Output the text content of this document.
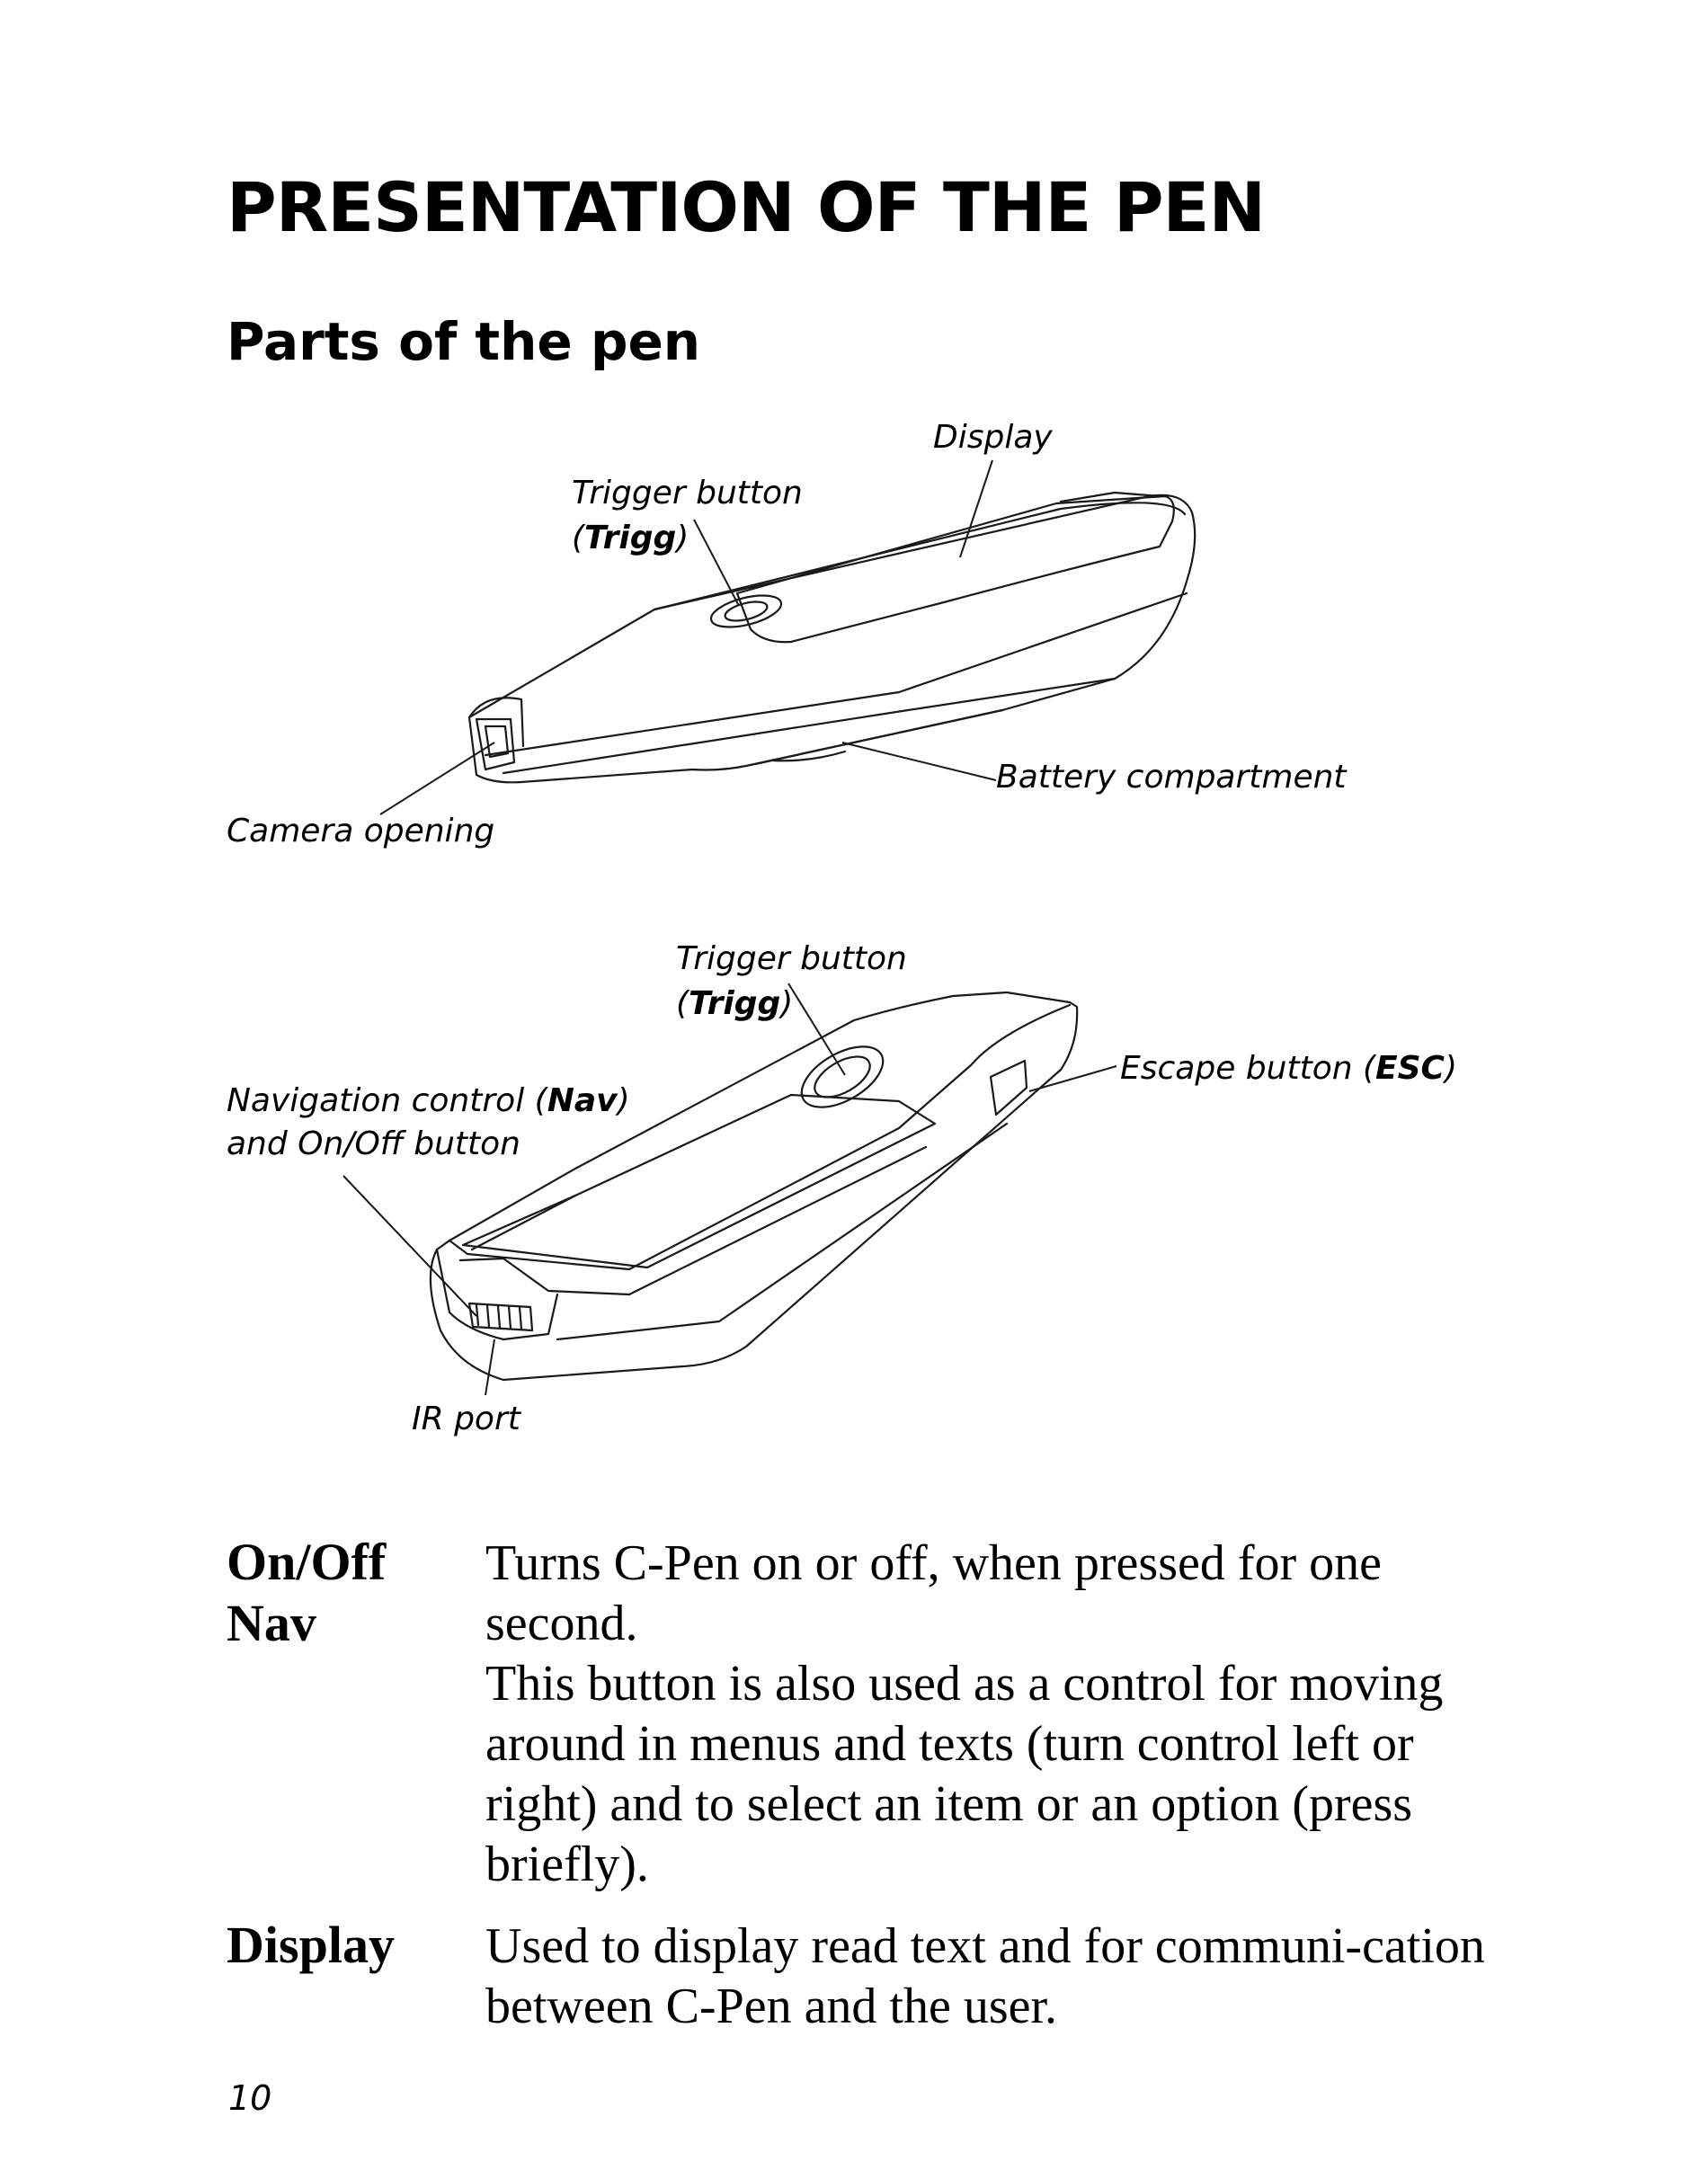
PRESENTATION OF THE PEN
Parts of the pen
Display
Trigger button
(Trigg)
Battery compartment
Camera opening
Trigger button
(Trigg)
Navigation control (Nav)
and On/Off button
Escape button (ESC)
IR port
On/Off
Nav
Turns C-Pen on or off, when pressed for one second.
This button is also used as a control for moving around in menus and texts (turn control left or right) and to select an item or an option (press briefly).
Display Used to display read text and for communi-cation between C-Pen and the user.
10
